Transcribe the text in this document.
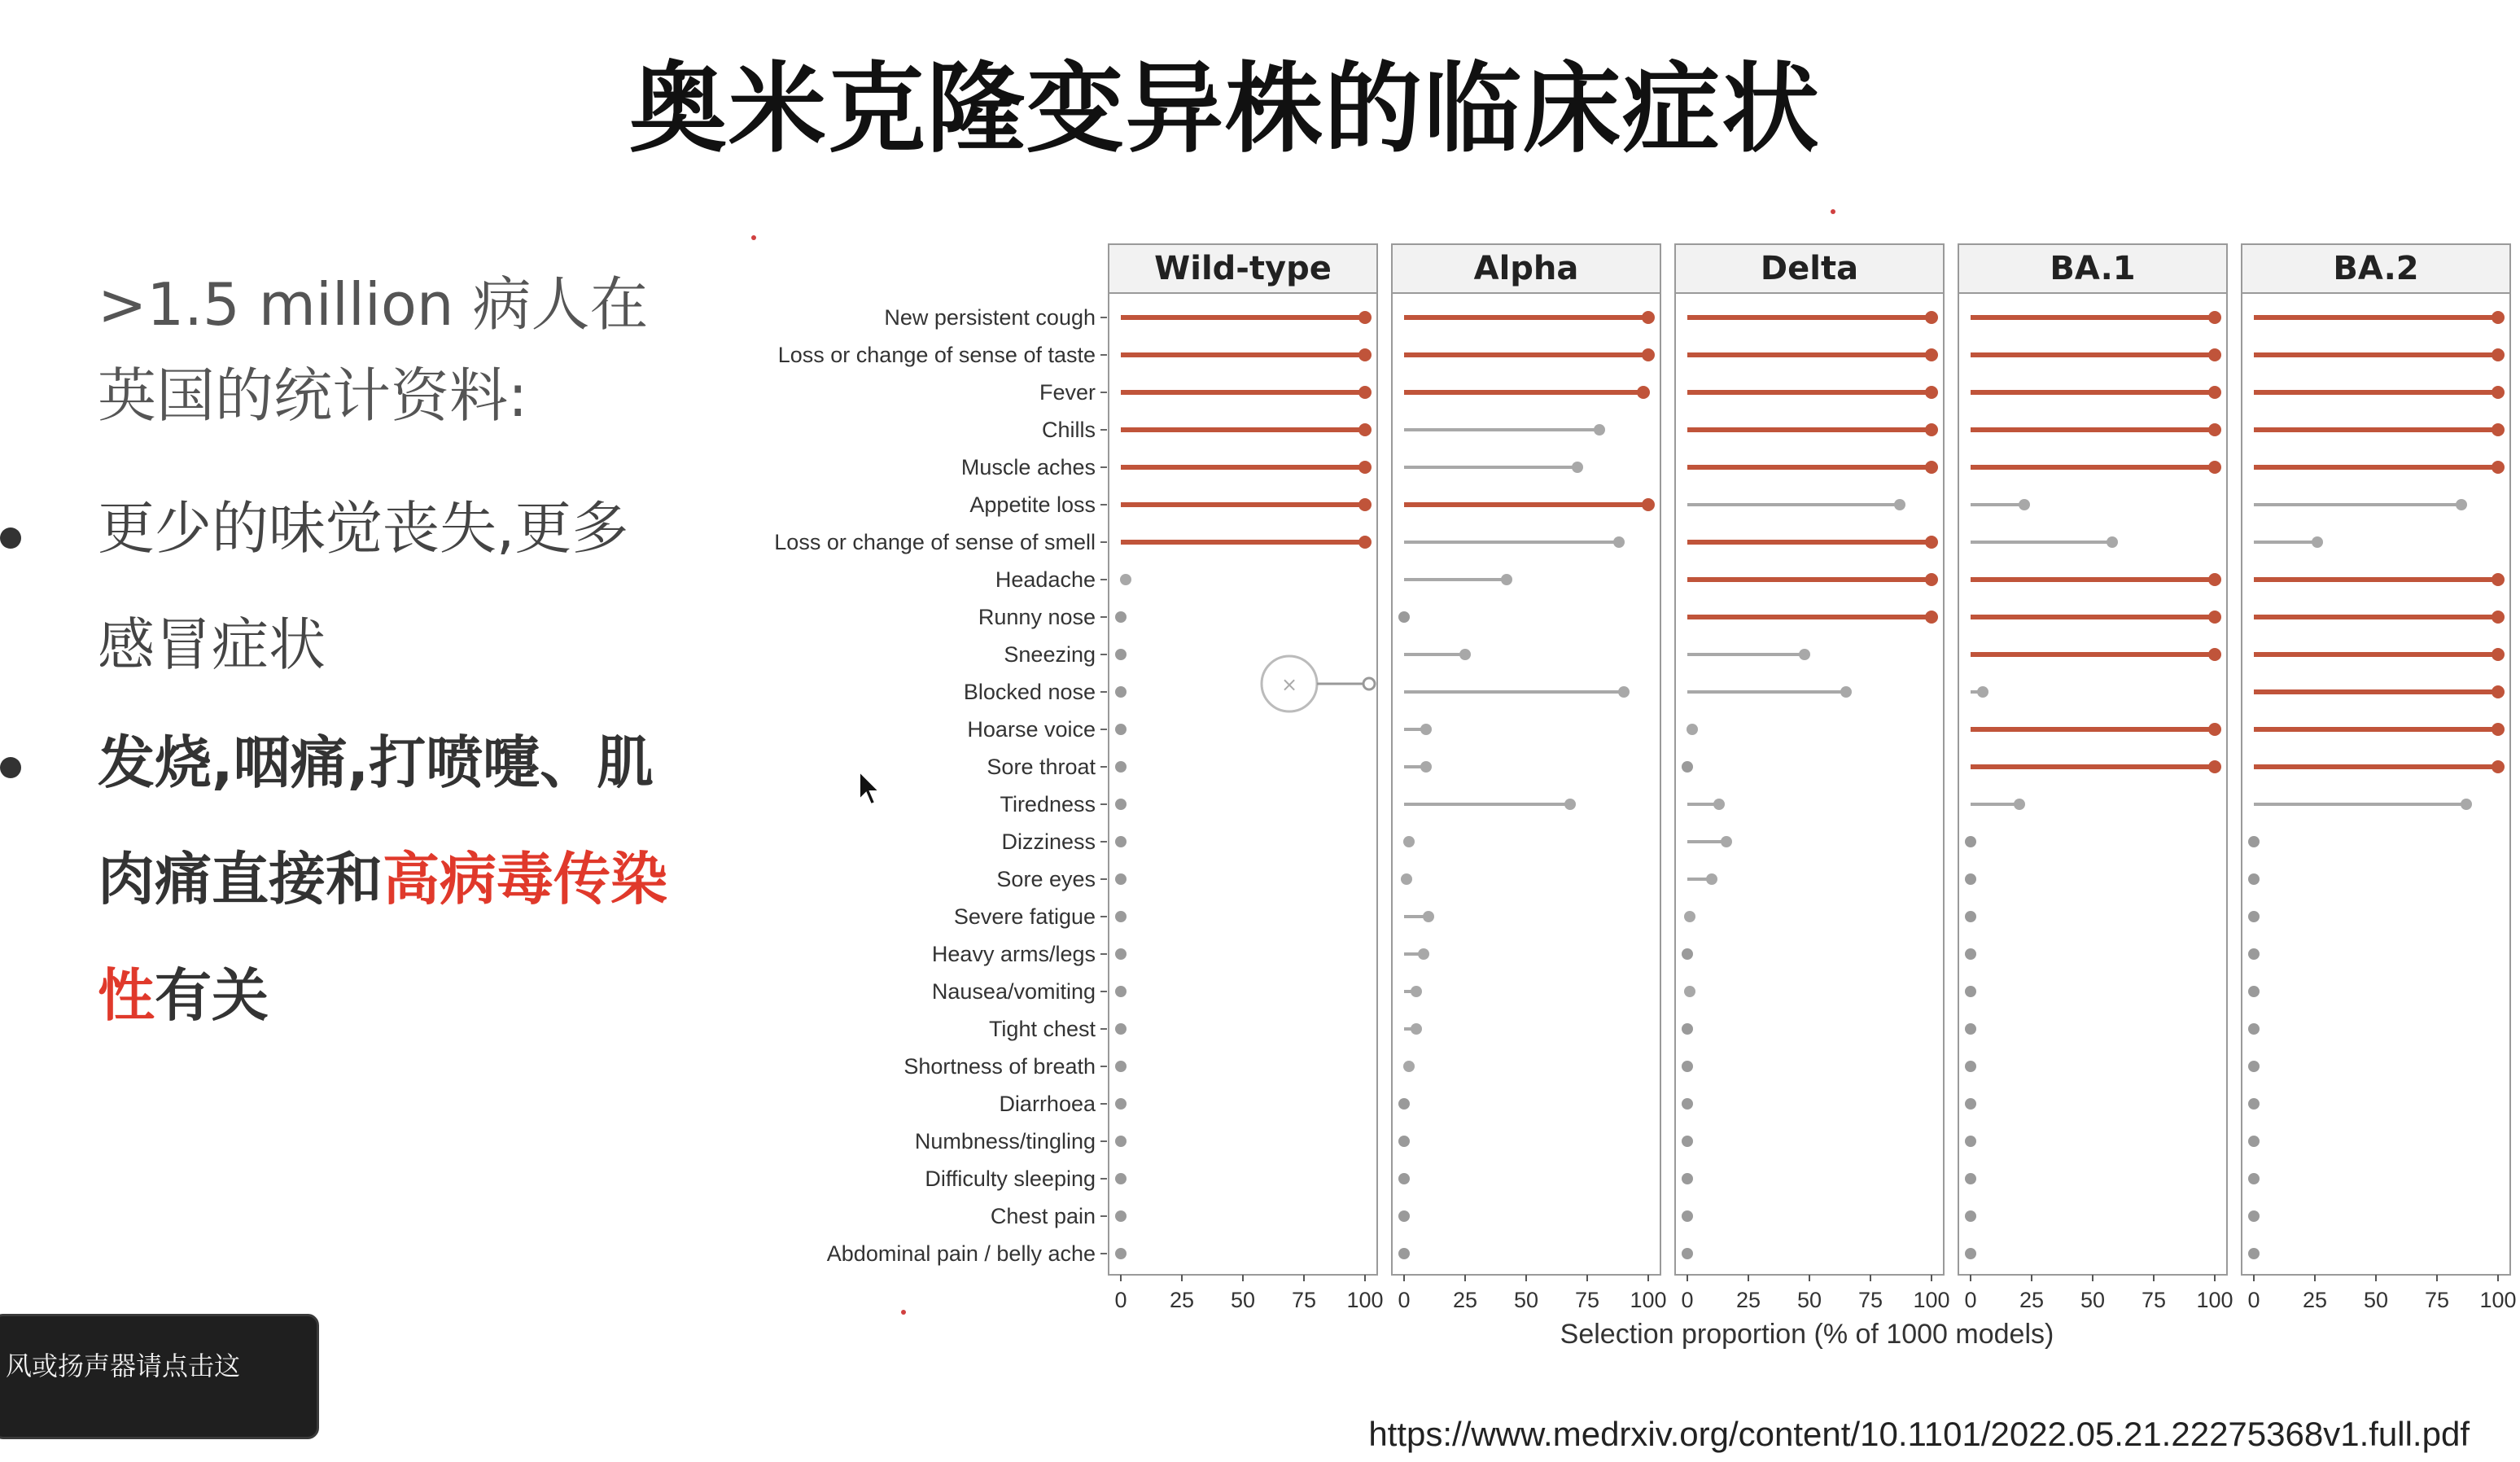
奥米克隆变异株的临床症状
>1.5 million 病人在英国的统计资料:
更少的味觉丧失,更多感冒症状
发烧,咽痛,打喷嚏、肌肉痛直接和高病毒传染性有关
New persistent cough
Loss or change of sense of taste
Fever
Chills
Muscle aches
Appetite loss
Loss or change of sense of smell
Headache
Runny nose
Sneezing
Blocked nose
Hoarse voice
Sore throat
Tiredness
Dizziness
Sore eyes
Severe fatigue
Heavy arms/legs
Nausea/vomiting
Tight chest
Shortness of breath
Diarrhoea
Numbness/tingling
Difficulty sleeping
Chest pain
Abdominal pain / belly ache
Wild-type
0 25 50 75 100
Alpha
0 25 50 75 100
Delta
0 25 50 75 100
BA.1
0 25 50 75 100
BA.2
0 25 50 75 100
Selection proportion (% of 1000 models)
×
https://www.medrxiv.org/content/10.1101/2022.05.21.22275368v1.full.pdf
风或扬声器请点击这
